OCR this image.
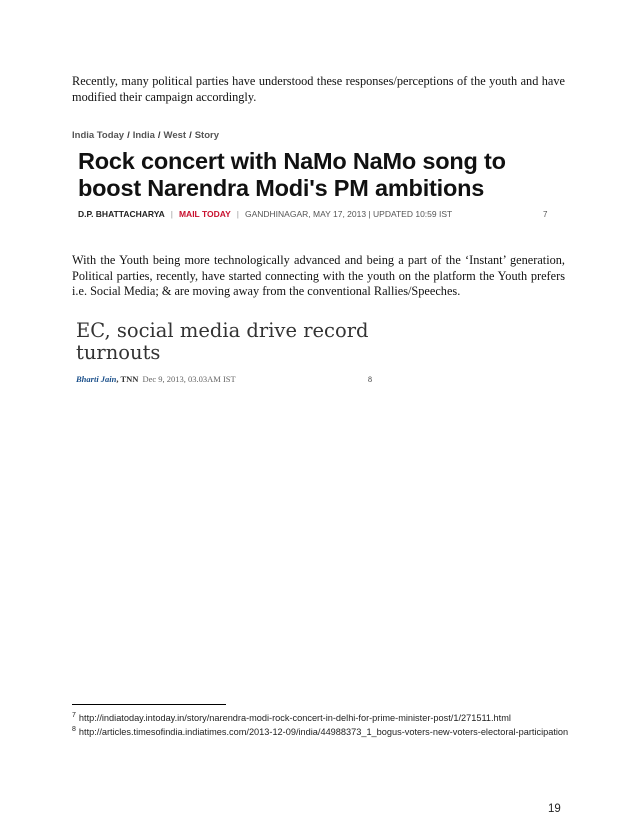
Recently, many political parties have understood these responses/perceptions of the youth and have modified their campaign accordingly.
India Today / India / West / Story
Rock concert with NaMo NaMo song to boost Narendra Modi's PM ambitions
D.P. BHATTACHARYA | MAIL TODAY | GANDHINAGAR, MAY 17, 2013 | UPDATED 10:59 IST	7
With the Youth being more technologically advanced and being a part of the ‘Instant’ generation, Political parties, recently, have started connecting with the youth on the platform the Youth prefers i.e. Social Media; & are moving away from the conventional Rallies/Speeches.
EC, social media drive record turnouts
Bharti Jain, TNN Dec 9, 2013, 03.03AM IST	8
$^7$ http://indiatoday.intoday.in/story/narendra-modi-rock-concert-in-delhi-for-prime-minister-post/1/271511.html
$^8$ http://articles.timesofindia.indiatimes.com/2013-12-09/india/44988373_1_bogus-voters-new-voters-electoral-participation
19
